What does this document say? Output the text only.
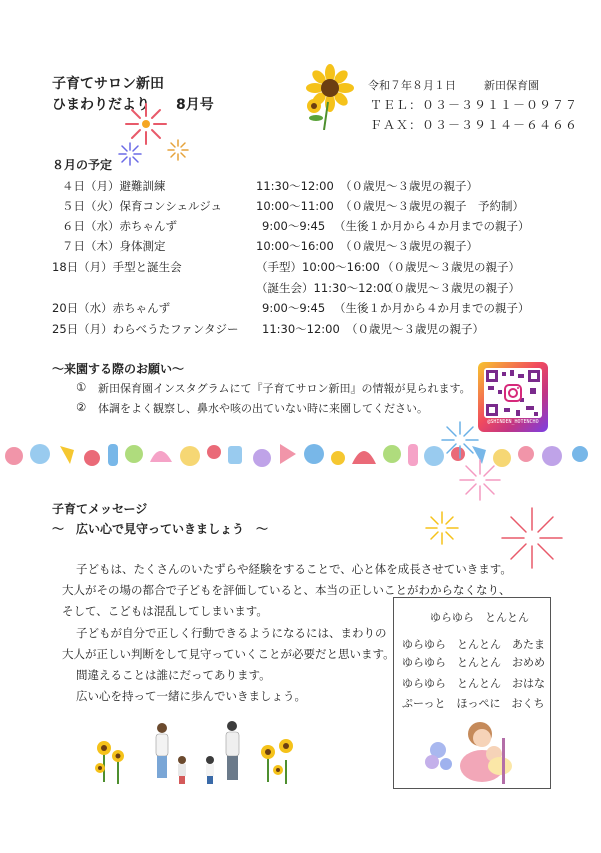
子育てサロン新田
ひまわりだより 8月号
令和７年８月１日	新田保育園
ＴＥＬ：０３－３９１１－０９７７
ＦＡＸ：０３－３９１４－６４６６
８月の予定
４日（月）避難訓練	11:30～12:00 （０歳児～３歳児の親子）
５日（火）保育コンシェルジュ	10:00～11:00 （０歳児～３歳児の親子　予約制）
６日（水）赤ちゃんず	9:00～9:45 （生後１か月から４か月までの親子）
７日（木）身体測定	10:00～16:00 （０歳児～３歳児の親子）
18日（月）手型と誕生会	（手型）10:00～16:00 （０歳児～３歳児の親子）
（誕生会）11:30～12:00
（０歳児～３歳児の親子）
20日（水）赤ちゃんず	9:00～9:45 （生後１か月から４か月までの親子）
25日（月）わらべうたファンタジー 11:30～12:00 （０歳児～３歳児の親子）
～来園する際のお願い～
① 新田保育園インスタグラムにて『子育てサロン新田』の情報が見られます。
② 体調をよく観察し、鼻水や咳の出ていない時に来園してください。
@SHINDEN_HOTENCHO
子育てメッセージ
～　広い心で見守っていきましょう　～
子どもは、たくさんのいたずらや経験をすることで、心と体を成長させていきます。
大人がその場の都合で子どもを評価していると、本当の正しいことがわからなくなり、
そして、こどもは混乱してしまいます。
子どもが自分で正しく行動できるようになるには、まわりの
大人が正しい判断をして見守っていくことが必要だと思います。
間違えることは誰にだってあります。
広い心を持って一緒に歩んでいきましょう。
ゆらゆら　とんとん
ゆらゆら　とんとん　あたま
ゆらゆら　とんとん　おめめ
ゆらゆら　とんとん　おはな
ぷーっと　ほっぺに　おくち
